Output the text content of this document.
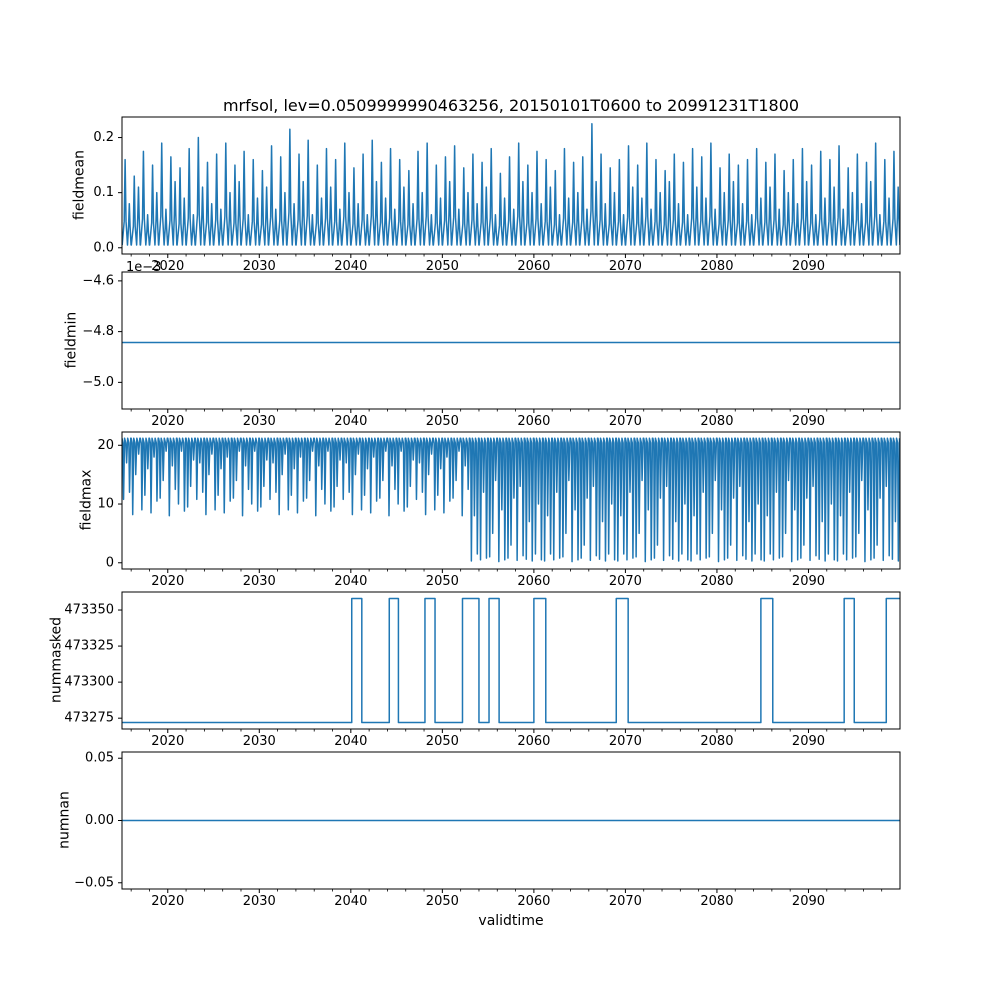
0.0
0.1
0.2
2020	2030	2040	2050	2060	2070	2080	2090
−4.6
−4.8
−5.0
2020	2030	2040	2050	2060	2070	2080	2090
0
10
20
2020	2030	2040	2050	2060	2070	2080	2090
473275
473300
473325
473350
2020	2030	2040	2050	2060	2070	2080	2090
−0.05
0.00
0.05
2020	2030	2040	2050	2060	2070	2080	2090
mrfsol, lev=0.0509999990463256, 20150101T0600 to 20991231T1800
1e−3
validtime
fieldmean
fieldmin
fieldmax
nummasked
numnan
